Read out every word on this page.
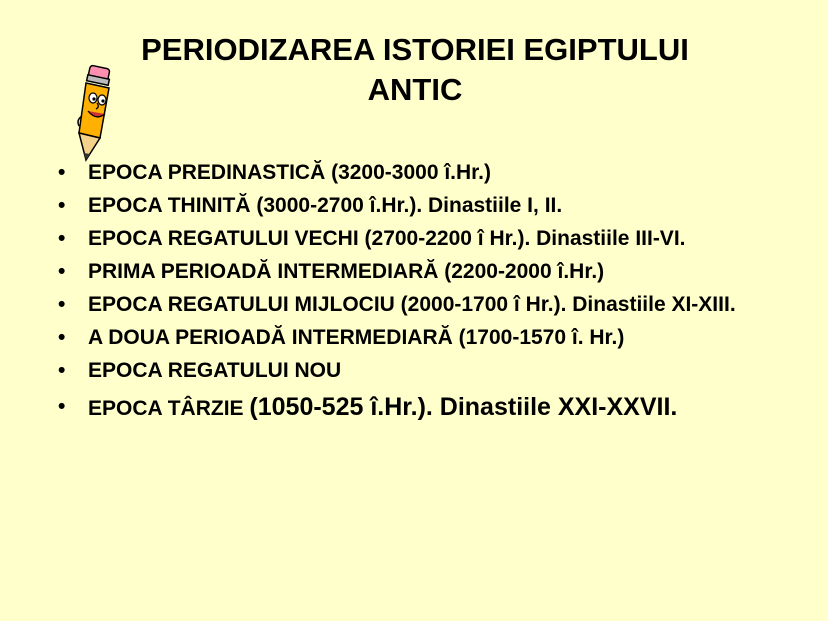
PERIODIZAREA ISTORIEI EGIPTULUI
ANTIC
• EPOCA PREDINASTICĂ (3200-3000 î.Hr.)
• EPOCA THINITĂ (3000-2700 î.Hr.). Dinastiile I, II.
• EPOCA REGATULUI VECHI (2700-2200 î Hr.). Dinastiile III-VI.
• PRIMA PERIOADĂ INTERMEDIARĂ (2200-2000 î.Hr.)
• EPOCA REGATULUI MIJLOCIU (2000-1700 î Hr.). Dinastiile XI-XIII.
• A DOUA PERIOADĂ INTERMEDIARĂ (1700-1570 î. Hr.)
• EPOCA REGATULUI NOU
• EPOCA TÂRZIE (1050-525 î.Hr.). Dinastiile XXI-XXVII.
